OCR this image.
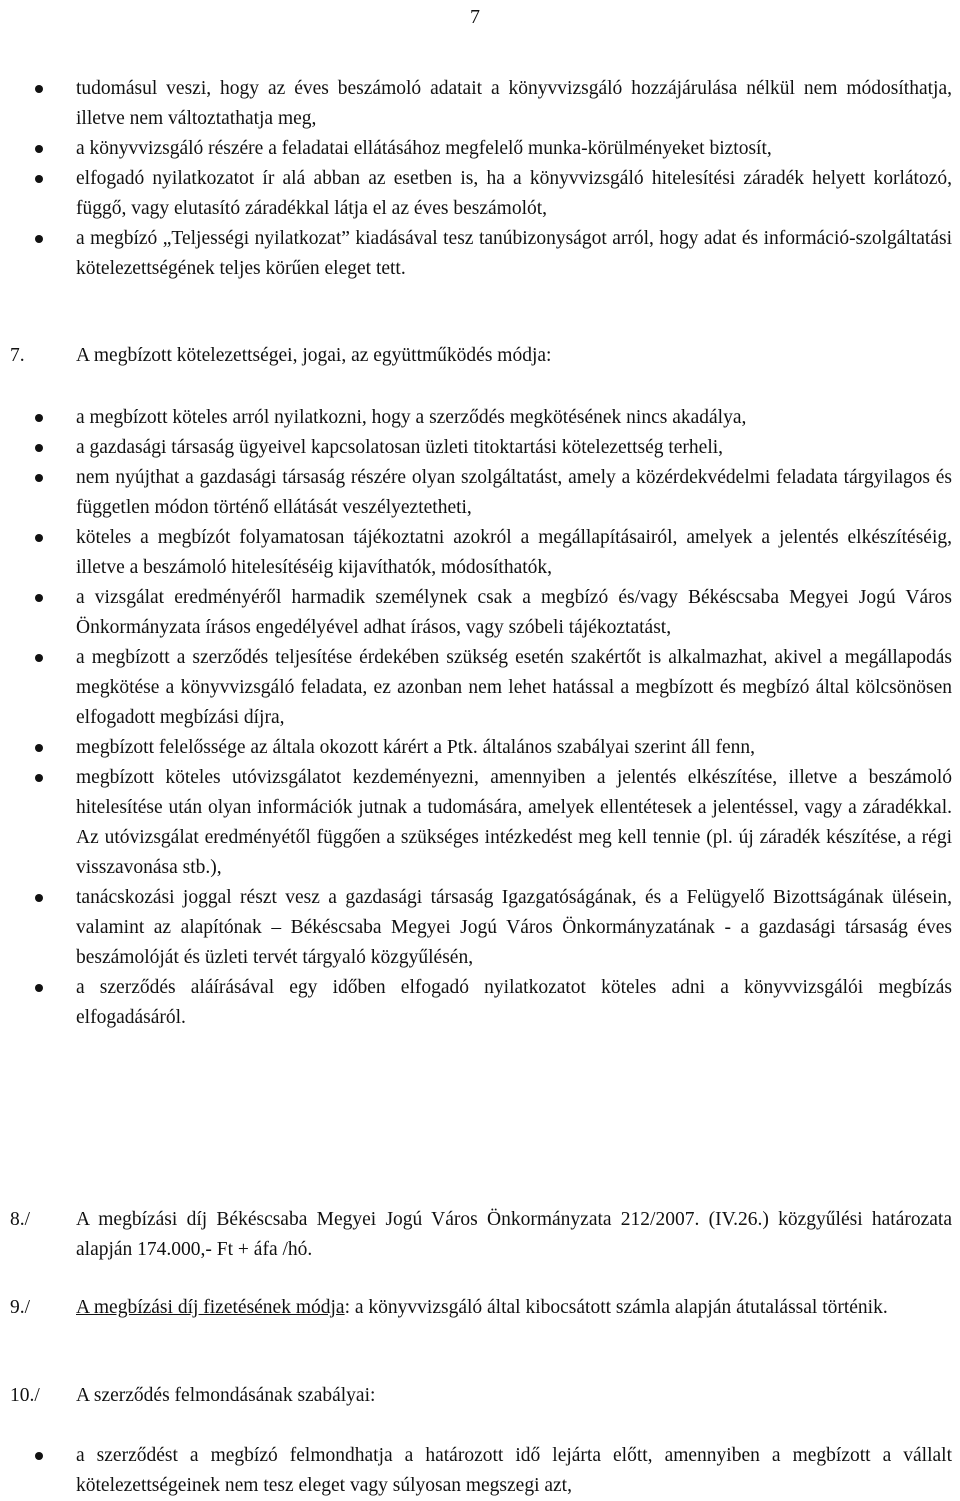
7
tudomásul veszi, hogy az éves beszámoló adatait a könyvvizsgáló hozzájárulása nélkül nem módosíthatja, illetve nem változtathatja meg,
a könyvvizsgáló részére a feladatai ellátásához megfelelő munka-körülményeket biztosít,
elfogadó nyilatkozatot ír alá abban az esetben is, ha a könyvvizsgáló hitelesítési záradék helyett korlátozó, függő, vagy elutasító záradékkal látja el az éves beszámolót,
a megbízó „Teljességi nyilatkozat” kiadásával tesz tanúbizonyságot arról, hogy adat és információ-szolgáltatási kötelezettségének teljes körűen eleget tett.
7.	A megbízott kötelezettségei, jogai, az együttműködés módja:
a megbízott köteles arról nyilatkozni, hogy a szerződés megkötésének nincs akadálya,
a gazdasági társaság ügyeivel kapcsolatosan üzleti titoktartási kötelezettség terheli,
nem nyújthat a gazdasági társaság részére olyan szolgáltatást, amely a közérdekvédelmi feladata tárgyilagos és független módon történő ellátását veszélyeztetheti,
köteles a megbízót folyamatosan tájékoztatni azokról a megállapításairól, amelyek a jelentés elkészítéséig, illetve a beszámoló hitelesítéséig kijavíthatók, módosíthatók,
a vizsgálat eredményéről harmadik személynek csak a megbízó és/vagy Békéscsaba Megyei Jogú Város Önkormányzata írásos engedélyével adhat írásos, vagy szóbeli tájékoztatást,
a megbízott a szerződés teljesítése érdekében szükség esetén szakértőt is alkalmazhat, akivel a megállapodás megkötése a könyvvizsgáló feladata, ez azonban nem lehet hatással a megbízott és megbízó által kölcsönösen elfogadott megbízási díjra,
megbízott felelőssége az általa okozott kárért a Ptk. általános szabályai szerint áll fenn,
megbízott köteles utóvizsgálatot kezdeményezni, amennyiben a jelentés elkészítése, illetve a beszámoló hitelesítése után olyan információk jutnak a tudomására, amelyek ellentétesek a jelentéssel, vagy a záradékkal. Az utóvizsgálat eredményétől függően a szükséges intézkedést meg kell tennie (pl. új záradék készítése, a régi visszavonása stb.),
tanácskozási joggal részt vesz a gazdasági társaság Igazgatóságának, és a Felügyelő Bizottságának ülésein, valamint az alapítónak – Békéscsaba Megyei Jogú Város Önkormányzatának - a gazdasági társaság éves beszámolóját és üzleti tervét tárgyaló közgyűlésén,
a szerződés aláírásával egy időben elfogadó nyilatkozatot köteles adni a könyvvizsgálói megbízás elfogadásáról.
8./ A megbízási díj Békéscsaba Megyei Jogú Város Önkormányzata 212/2007. (IV.26.) közgyűlési határozata alapján 174.000,- Ft + áfa /hó.
9./ A megbízási díj fizetésének módja: a könyvvizsgáló által kibocsátott számla alapján átutalással történik.
10./ A szerződés felmondásának szabályai:
a szerződést a megbízó felmondhatja a határozott idő lejárta előtt, amennyiben a megbízott a vállalt kötelezettségeinek nem tesz eleget vagy súlyosan megszegi azt,
